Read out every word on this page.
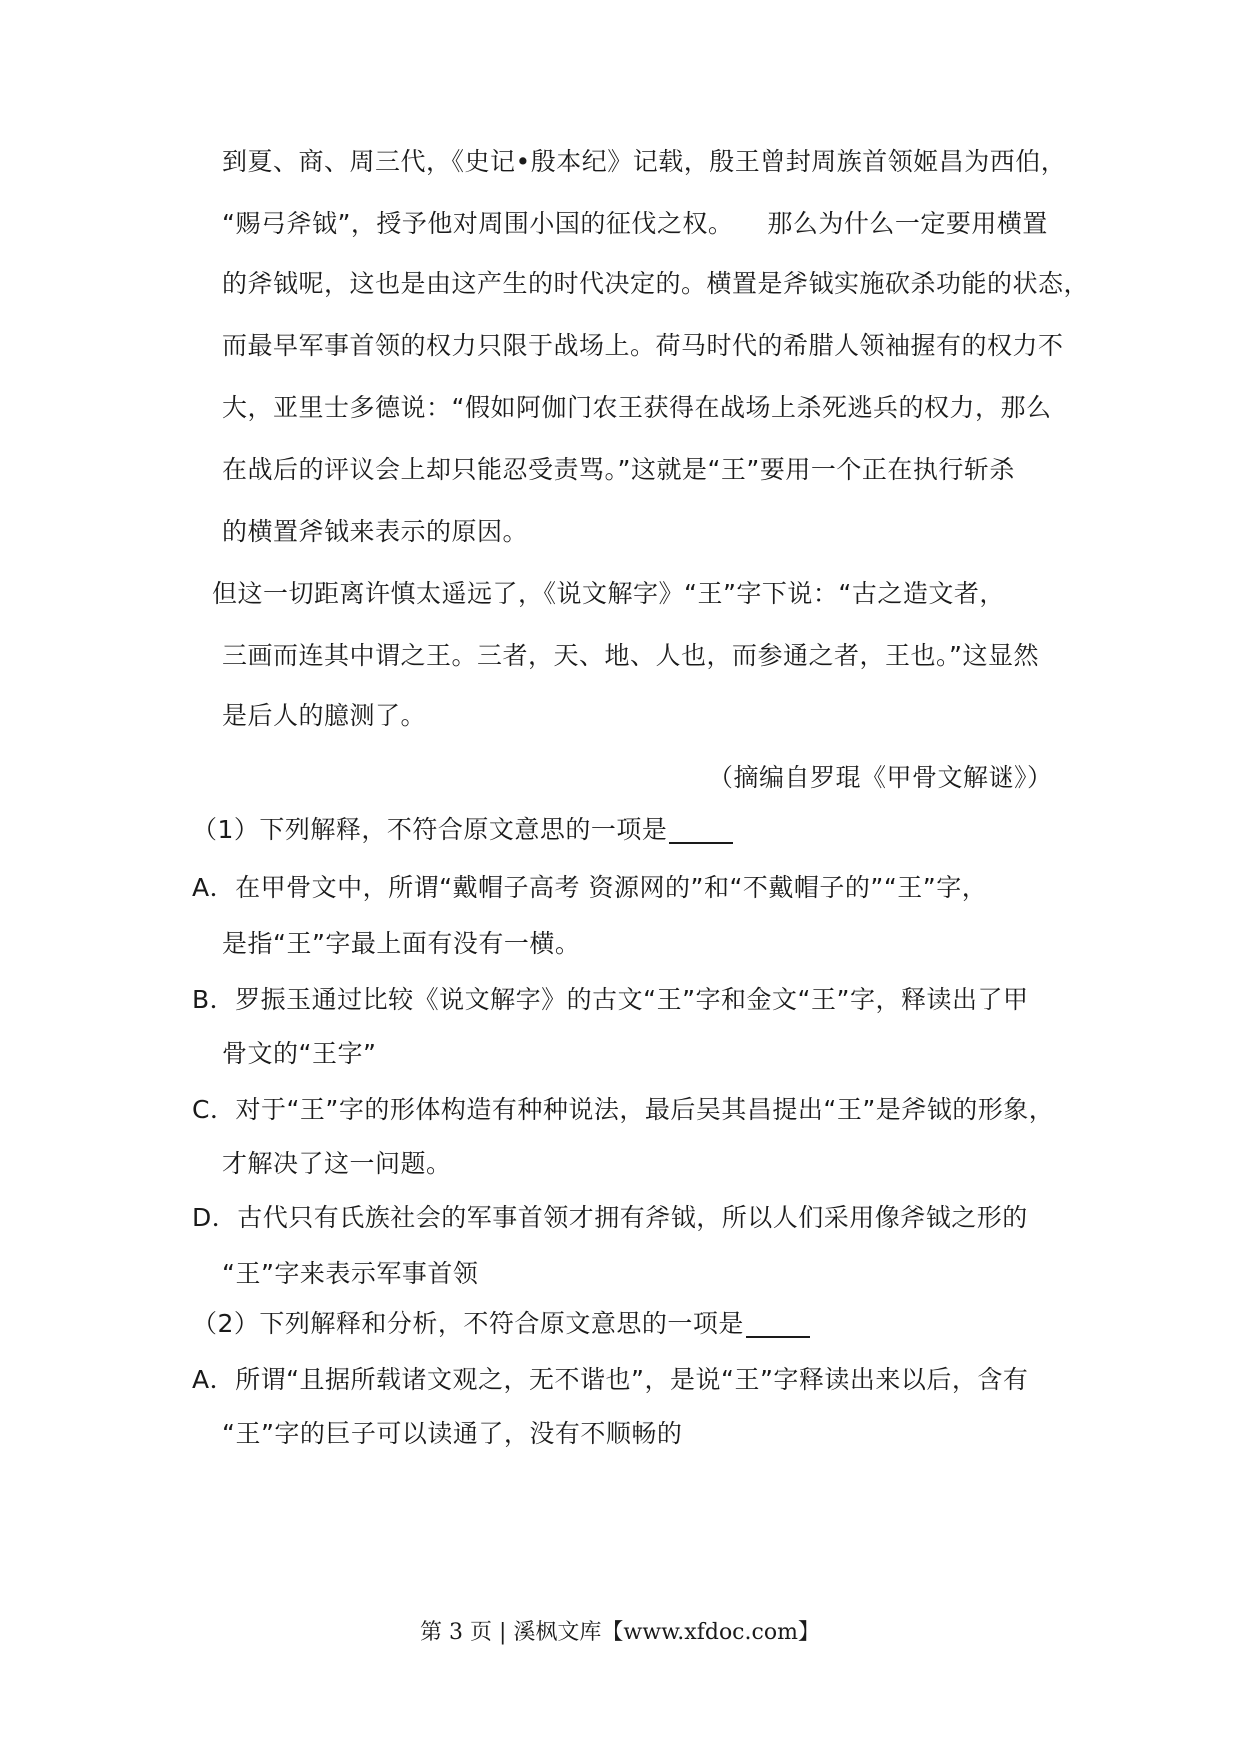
到夏、商、周三代，《史记•殷本纪》记载，殷王曾封周族首领姬昌为西伯，
“赐弓斧钺”，授予他对周围小国的征伐之权。 那么为什么一定要用横置
的斧钺呢，这也是由这产生的时代决定的。横置是斧钺实施砍杀功能的状态，
而最早军事首领的权力只限于战场上。荷马时代的希腊人领袖握有的权力不
大，亚里士多德说：“假如阿伽门农王获得在战场上杀死逃兵的权力，那么
在战后的评议会上却只能忍受责骂。”这就是“王”要用一个正在执行斩杀
的横置斧钺来表示的原因。
但这一切距离许慎太遥远了，《说文解字》“王”字下说：“古之造文者，
三画而连其中谓之王。三者，天、地、人也，而参通之者，王也。”这显然
是后人的臆测了。
（摘编自罗琨《甲骨文解谜》）
（1）下列解释，不符合原文意思的一项是
A．在甲骨文中，所谓“戴帽子高考 资源网的”和“不戴帽子的”“王”字，
是指“王”字最上面有没有一横。
B．罗振玉通过比较《说文解字》的古文“王”字和金文“王”字，释读出了甲
骨文的“王字”
C．对于“王”字的形体构造有种种说法，最后吴其昌提出“王”是斧钺的形象，
才解决了这一问题。
D．古代只有氏族社会的军事首领才拥有斧钺，所以人们采用像斧钺之形的
“王”字来表示军事首领
（2）下列解释和分析，不符合原文意思的一项是
A．所谓“且据所载诸文观之，无不谐也”，是说“王”字释读出来以后，含有
“王”字的巨子可以读通了，没有不顺畅的
第 3 页 | 溪枫文库【www.xfdoc.com】
